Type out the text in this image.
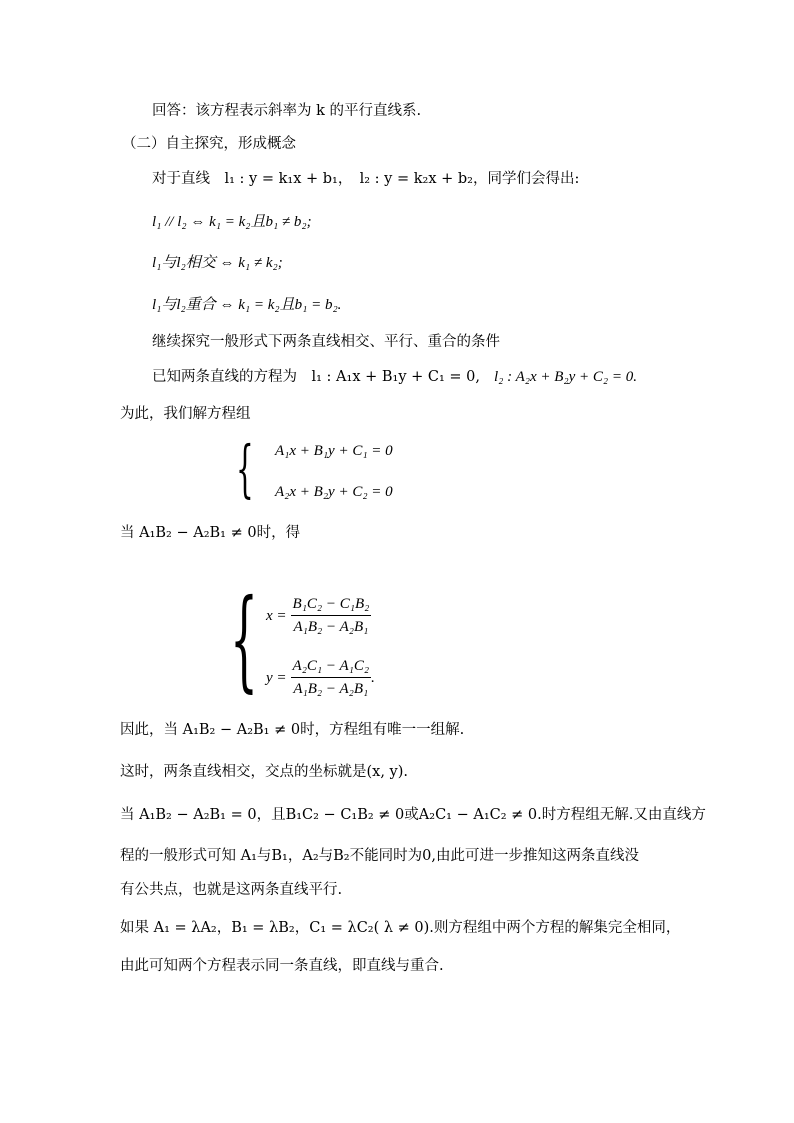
回答：该方程表示斜率为 k 的平行直线系.
（二）自主探究，形成概念
对于直线　l₁ : y = k₁x + b₁，　l₂ : y = k₂x + b₂，同学们会得出:
l₁ // l₂ ⇔ k₁ = k₂且b₁ ≠ b₂;
l₁与l₂相交 ⇔ k₁ ≠ k₂;
l₁与l₂重合 ⇔ k₁ = k₂且b₁ = b₂.
继续探究一般形式下两条直线相交、平行、重合的条件
已知两条直线的方程为　l₁ : A₁x + B₁y + C₁ = 0, l₂ : A₂x + B₂y + C₂ = 0.
为此，我们解方程组
{ A₁x + B₁y + C₁ = 0
A₂x + B₂y + C₂ = 0
当 A₁B₂ − A₂B₁ ≠ 0时，得
{ $x = \frac{\text{B₁C₂ − C₁B₂}}{\text{A₁B₂ − A₂B₁}}$
$y = \frac{\text{A₂C₁ − A₁C₂}}{\text{A₁B₂ − A₂B₁}}$ .
因此，当 A₁B₂ − A₂B₁ ≠ 0时，方程组有唯一一组解.
这时，两条直线相交，交点的坐标就是(x, y).
当 A₁B₂ − A₂B₁ = 0，且B₁C₂ − C₁B₂ ≠ 0或A₂C₁ − A₁C₂ ≠ 0.时方程组无解.又由直线方
程的一般形式可知 A₁与B₁，A₂与B₂不能同时为0,由此可进一步推知这两条直线没
有公共点，也就是这两条直线平行.
如果 A₁ = λA₂，B₁ = λB₂，C₁ = λC₂( λ ≠ 0).则方程组中两个方程的解集完全相同，
由此可知两个方程表示同一条直线，即直线与重合.
